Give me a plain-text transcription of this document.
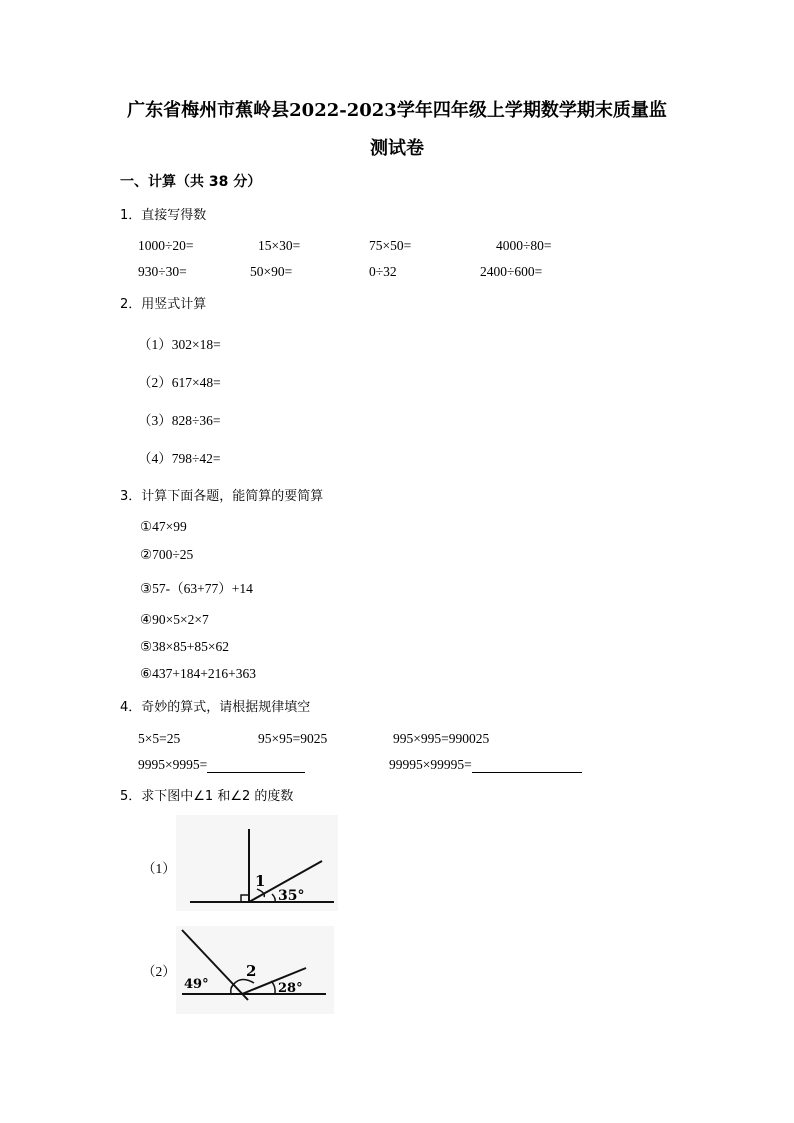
广东省梅州市蕉岭县2022-2023学年四年级上学期数学期末质量监
测试卷
一、计算（共 38 分）
1．直接写得数
1000÷20=	15×30=	75×50=	4000÷80=
930÷30=	50×90=	0÷32	2400÷600=
2．用竖式计算
（1）302×18=
（2）617×48=
（3）828÷36=
（4）798÷42=
3．计算下面各题，能简算的要简算
①47×99
②700÷25
③57-（63+77）+14
④90×5×2×7
⑤38×85+85×62
⑥437+184+216+363
4．奇妙的算式，请根据规律填空
5×5=25	95×95=9025	995×995=990025
9995×9995=	99995×99995=
5．求下图中∠1 和∠2 的度数
（1）
1
35°
（2）	2
49°	28°
